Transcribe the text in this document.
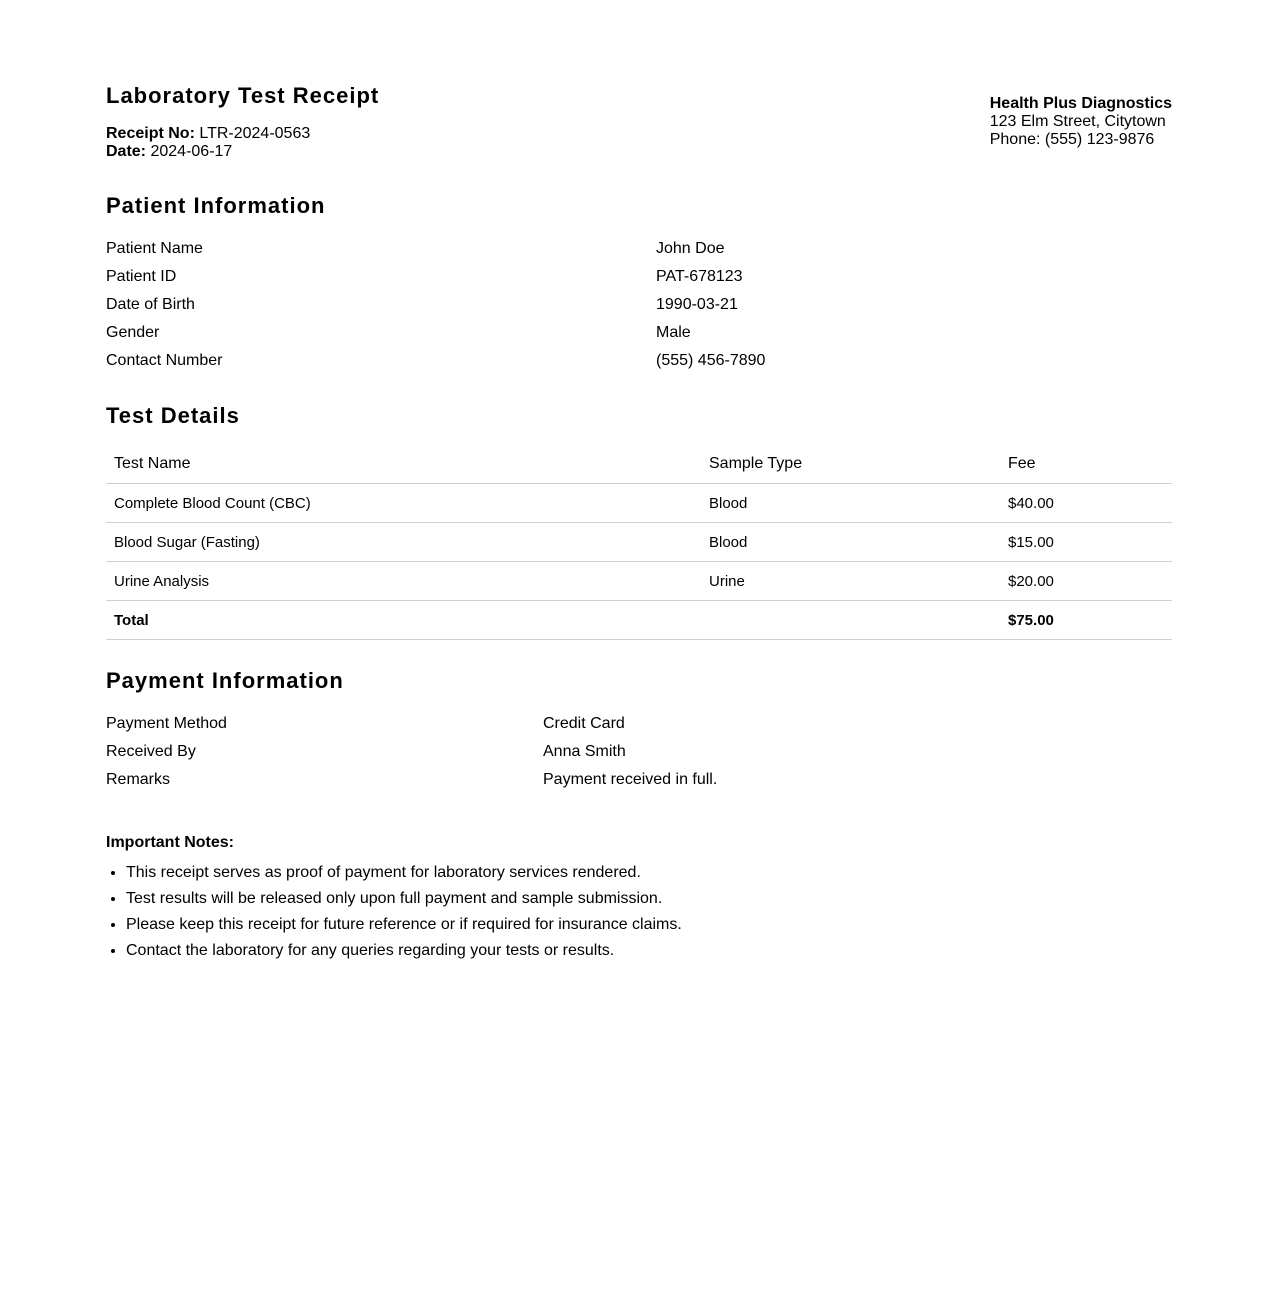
Laboratory Test Receipt
Receipt No: LTR-2024-0563
Date: 2024-06-17
Health Plus Diagnostics
123 Elm Street, Citytown
Phone: (555) 123-9876
Patient Information
Patient Name	John Doe
Patient ID	PAT-678123
Date of Birth	1990-03-21
Gender	Male
Contact Number	(555) 456-7890
Test Details
Test Name	Sample Type	Fee
Complete Blood Count (CBC)	Blood	$40.00
Blood Sugar (Fasting)	Blood	$15.00
Urine Analysis	Urine	$20.00
Total		$75.00
Payment Information
Payment Method	Credit Card
Received By	Anna Smith
Remarks	Payment received in full.
Important Notes:
• This receipt serves as proof of payment for laboratory services rendered.
• Test results will be released only upon full payment and sample submission.
• Please keep this receipt for future reference or if required for insurance claims.
• Contact the laboratory for any queries regarding your tests or results.
